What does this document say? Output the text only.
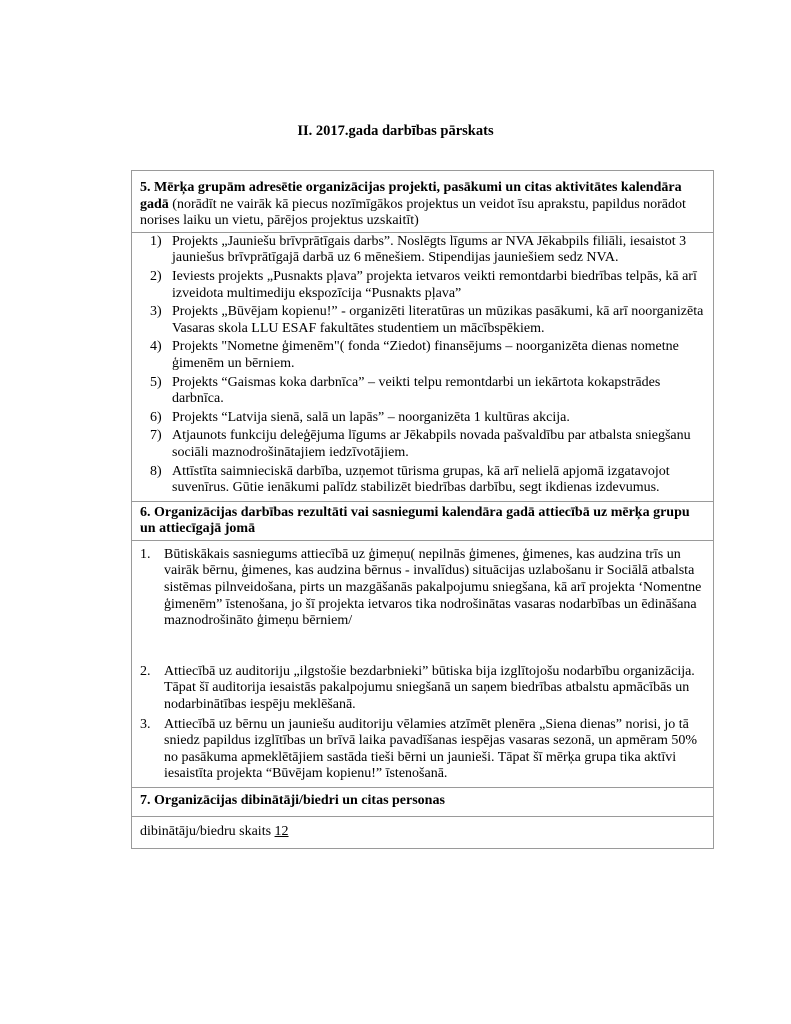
II. 2017.gada darbības pārskats
5. Mērķa grupām adresētie organizācijas projekti, pasākumi un citas aktivitātes kalendāra gadā (norādīt ne vairāk kā piecus nozīmīgākos projektus un veidot īsu aprakstu, papildus norādot norises laiku un vietu, pārējos projektus uzskaitīt)
1) Projekts „Jauniešu brīvprātīgais darbs”. Noslēgts līgums ar NVA Jēkabpils filiāli, iesaistot 3 jauniešus brīvprātīgajā darbā uz 6 mēnešiem. Stipendijas jauniešiem sedz NVA.
2) Ieviests projekts „Pusnakts pļava” projekta ietvaros veikti remontdarbi biedrības telpās, kā arī izveidota multimediju ekspozīcija “Pusnakts pļava”
3) Projekts „Būvējam kopienu!” - organizēti literatūras un mūzikas pasākumi, kā arī noorganizēta Vasaras skola LLU ESAF fakultātes studentiem un mācībspēkiem.
4) Projekts "Nometne ģimenēm"( fonda “Ziedot) finansējums – noorganizēta dienas nometne ģimenēm un bērniem.
5) Projekts “Gaismas koka darbnīca” – veikti telpu remontdarbi un iekārtota kokapstrādes darbnīca.
6) Projekts “Latvija sienā, salā un lapās” – noorganizēta 1 kultūras akcija.
7) Atjaunots funkciju deleģējuma līgums ar Jēkabpils novada pašvaldību par atbalsta sniegšanu sociāli maznodrošinātajiem iedzīvotājiem.
8) Attīstīta saimnieciskā darbība, uzņemot tūrisma grupas, kā arī nelielā apjomā izgatavojot suvenīrus. Gūtie ienākumi palīdz stabilizēt biedrības darbību, segt ikdienas izdevumus.
6. Organizācijas darbības rezultāti vai sasniegumi kalendāra gadā attiecībā uz mērķa grupu un attiecīgajā jomā
1. Būtiskākais sasniegums attiecībā uz ģimeņu( nepilnās ģimenes, ģimenes, kas audzina trīs un vairāk bērnu, ģimenes, kas audzina bērnus - invalīdus) situācijas uzlabošanu ir Sociālā atbalsta sistēmas pilnveidošana, pirts un mazgāšanās pakalpojumu sniegšana, kā arī projekta ‘Nomentne ģimenēm” īstenošana, jo šī projekta ietvaros tika nodrošinātas vasaras nodarbības un ēdināšana maznodrošināto ģimeņu bērniem/
2. Attiecībā uz auditoriju „ilgstošie bezdarbnieki” būtiska bija izglītojošu nodarbību organizācija. Tāpat šī auditorija iesaistās pakalpojumu sniegšanā un saņem biedrības atbalstu apmācībās un nodarbinātības iespēju meklēšanā.
3. Attiecībā uz bērnu un jauniešu auditoriju vēlamies atzīmēt plenēra „Siena dienas” norisi, jo tā sniedz papildus izglītības un brīvā laika pavadīšanas iespējas vasaras sezonā, un apmēram 50% no pasākuma apmeklētājiem sastāda tieši bērni un jaunieši. Tāpat šī mērķa grupa tika aktīvi iesaistīta projekta “Būvējam kopienu!” īstenošanā.
7. Organizācijas dibinātāji/biedri un citas personas
dibinātāju/biedru skaits 12
